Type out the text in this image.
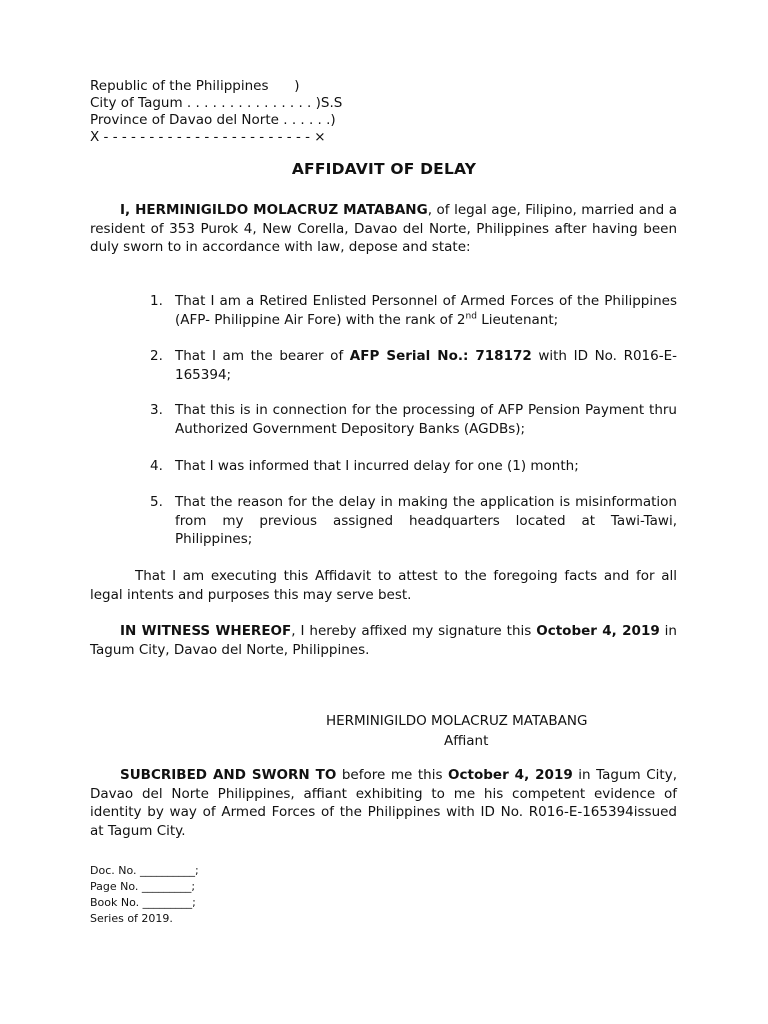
Republic of the Philippines      )
City of Tagum . . . . . . . . . . . . . . . )S.S
Province of Davao del Norte . . . . . .)
X - - - - - - - - - - - - - - - - - - - - - - - ×
AFFIDAVIT OF DELAY
I, HERMINIGILDO MOLACRUZ MATABANG, of legal age, Filipino, married and a resident of 353 Purok 4, New Corella, Davao del Norte, Philippines after having been duly sworn to in accordance with law, depose and state:
1. That I am a Retired Enlisted Personnel of Armed Forces of the Philippines (AFP- Philippine Air Fore) with the rank of 2nd Lieutenant;
2. That I am the bearer of AFP Serial No.: 718172 with ID No. R016-E-165394;
3. That this is in connection for the processing of AFP Pension Payment thru Authorized Government Depository Banks (AGDBs);
4. That I was informed that I incurred delay for one (1) month;
5. That the reason for the delay in making the application is misinformation from my previous assigned headquarters located at Tawi-Tawi, Philippines;
That I am executing this Affidavit to attest to the foregoing facts and for all legal intents and purposes this may serve best.
IN WITNESS WHEREOF, I hereby affixed my signature this October 4, 2019 in Tagum City, Davao del Norte, Philippines.
HERMINIGILDO MOLACRUZ MATABANG
Affiant
SUBCRIBED AND SWORN TO before me this October 4, 2019 in Tagum City, Davao del Norte Philippines, affiant exhibiting to me his competent evidence of identity by way of Armed Forces of the Philippines with ID No. R016-E-165394issued at Tagum City.
Doc. No. __________;
Page No. _________;
Book No. _________;
Series of 2019.
